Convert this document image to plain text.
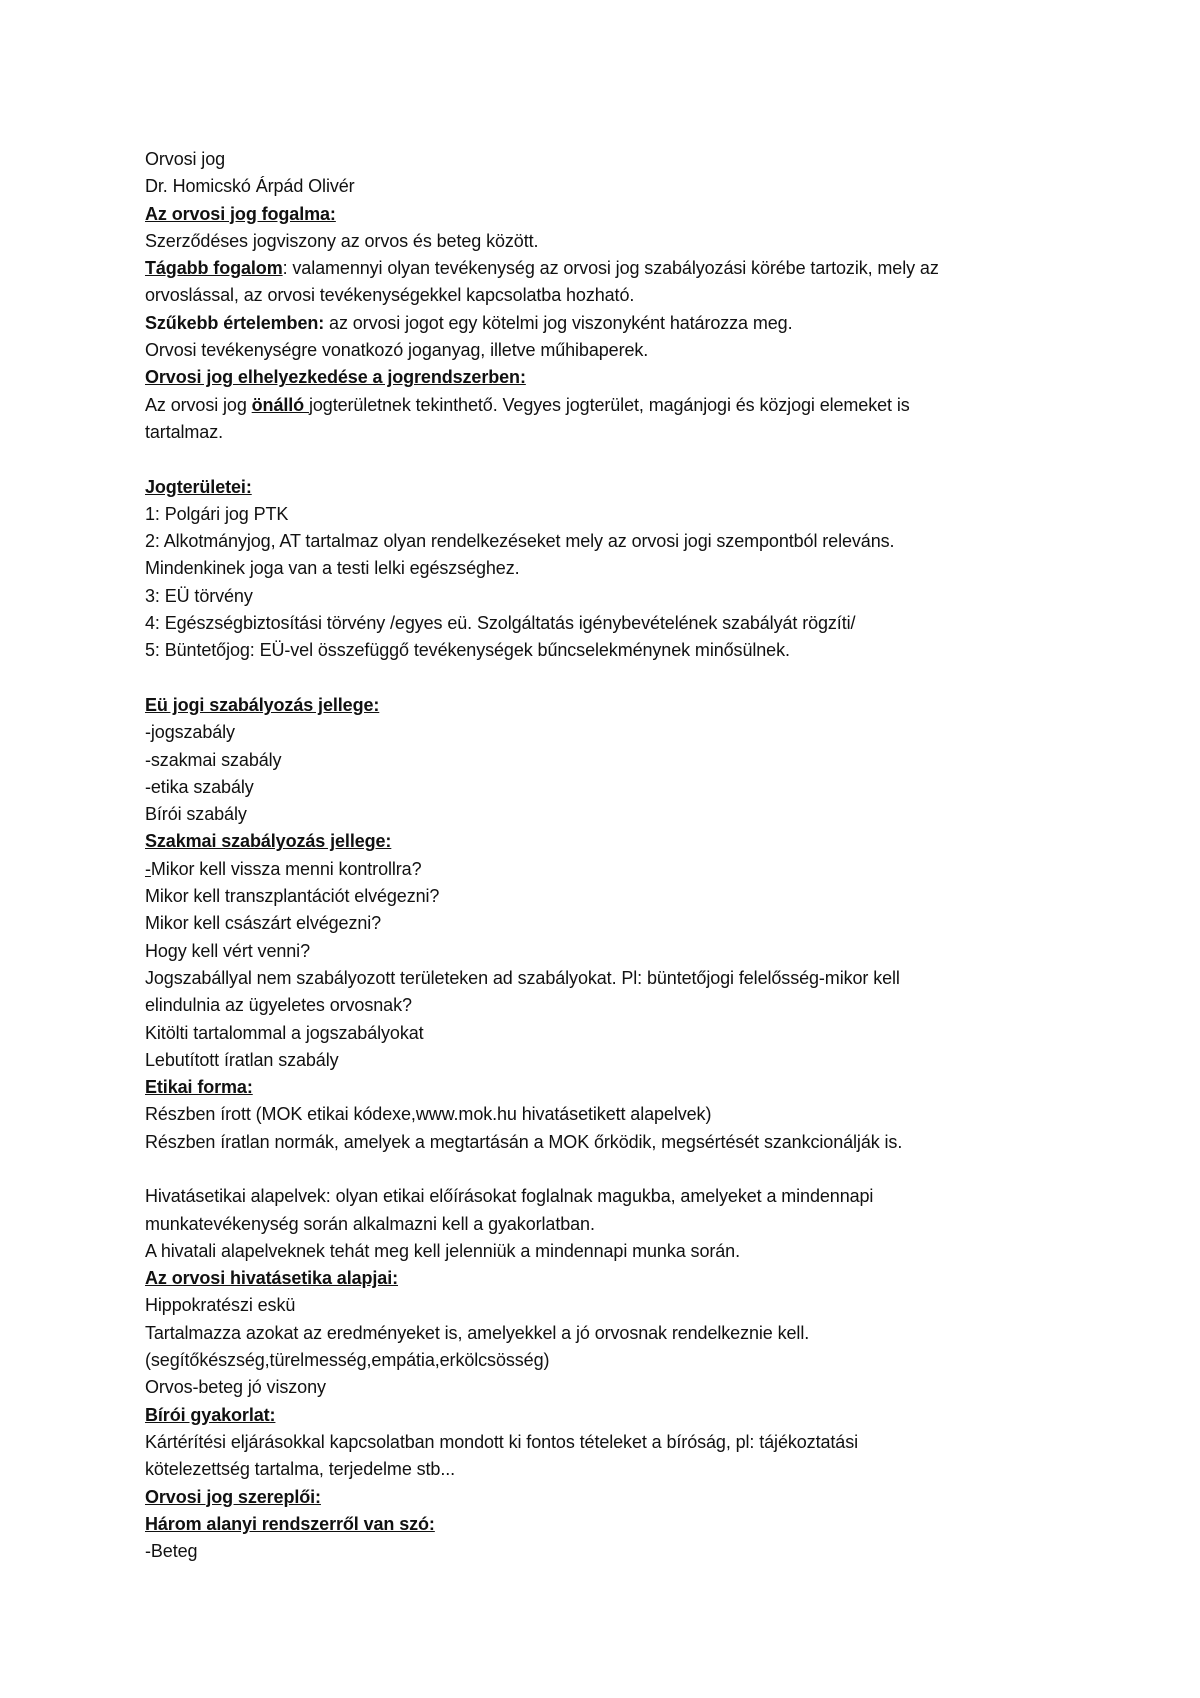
Orvosi jog
Dr. Homicskó Árpád Olivér
Az orvosi jog fogalma:
Szerződéses jogviszony az orvos és beteg között.
Tágabb fogalom: valamennyi olyan tevékenység az orvosi jog szabályozási körébe tartozik, mely az
orvoslással, az orvosi tevékenységekkel kapcsolatba hozható.
Szűkebb értelemben: az orvosi jogot egy kötelmi jog viszonyként határozza meg.
Orvosi tevékenységre vonatkozó joganyag, illetve műhibaperek.
Orvosi jog elhelyezkedése a jogrendszerben:
Az orvosi jog önálló jogterületnek tekinthető. Vegyes jogterület, magánjogi és közjogi elemeket is
tartalmaz.
Jogterületei:
1: Polgári jog PTK
2: Alkotmányjog, AT tartalmaz olyan rendelkezéseket mely az orvosi jogi szempontból releváns.
Mindenkinek joga van a testi lelki egészséghez.
3: EÜ törvény
4: Egészségbiztosítási törvény /egyes eü. Szolgáltatás igénybevételének szabályát rögzíti/
5: Büntetőjog: EÜ-vel összefüggő tevékenységek bűncselekménynek minősülnek.
Eü jogi szabályozás jellege:
-jogszabály
-szakmai szabály
-etika szabály
Bírói szabály
Szakmai szabályozás jellege:
-Mikor kell vissza menni kontrollra?
Mikor kell transzplantációt elvégezni?
Mikor kell császárt elvégezni?
Hogy kell vért venni?
Jogszabállyal nem szabályozott területeken ad szabályokat. Pl: büntetőjogi felelősség-mikor kell
elindulnia az ügyeletes orvosnak?
Kitölti tartalommal a jogszabályokat
Lebutított íratlan szabály
Etikai forma:
Részben írott (MOK etikai kódexe,www.mok.hu hivatásetikett alapelvek)
Részben íratlan normák, amelyek a megtartásán a MOK őrködik, megsértését szankcionálják is.
Hivatásetikai alapelvek: olyan etikai előírásokat foglalnak magukba, amelyeket a mindennapi
munkatevékenység során alkalmazni kell a gyakorlatban.
A hivatali alapelveknek tehát meg kell jelenniük a mindennapi munka során.
Az orvosi hivatásetika alapjai:
Hippokratészi eskü
Tartalmazza azokat az eredményeket is, amelyekkel a jó orvosnak rendelkeznie kell.
(segítőkészség,türelmesség,empátia,erkölcsösség)
Orvos-beteg jó viszony
Bírói gyakorlat:
Kártérítési eljárásokkal kapcsolatban mondott ki fontos tételeket a bíróság, pl: tájékoztatási
kötelezettség tartalma, terjedelme stb...
Orvosi jog szereplői:
Három alanyi rendszerről van szó:
-Beteg
